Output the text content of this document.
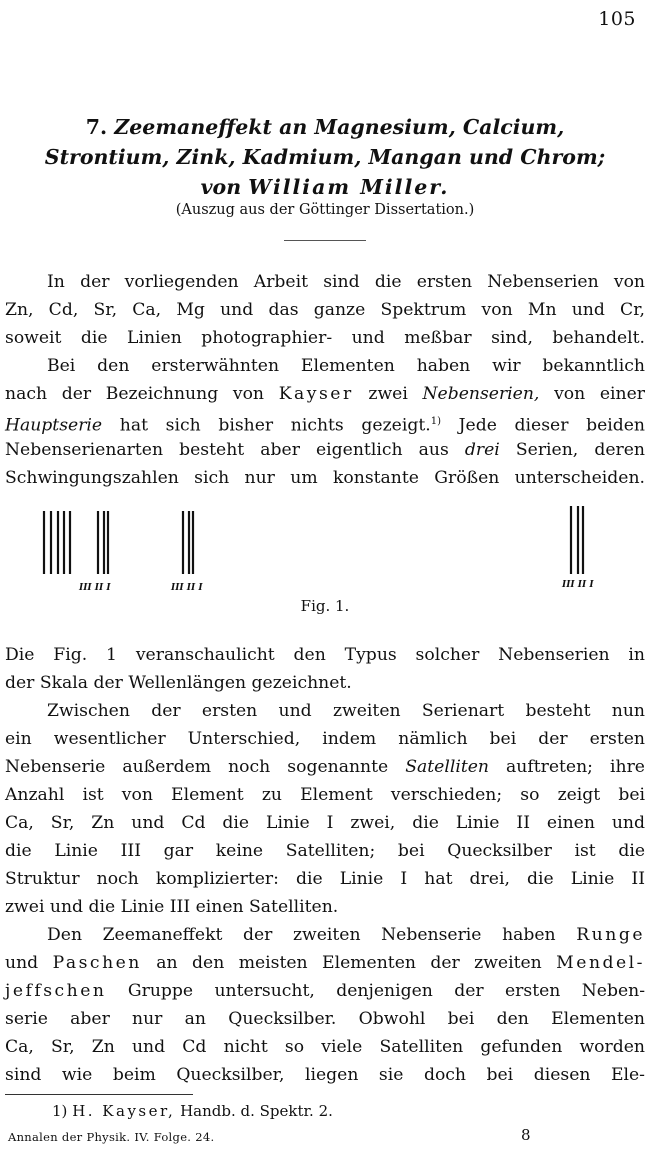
105
7. Zeemaneffekt an Magnesium, Calcium,
Strontium, Zink, Kadmium, Mangan und Chrom;
von William Miller.
(Auszug aus der Göttinger Dissertation.)
In der vorliegenden Arbeit sind die ersten Nebenserien von
Zn, Cd, Sr, Ca, Mg und das ganze Spektrum von Mn und Cr,
soweit die Linien photographier- und meßbar sind, behandelt.
Bei den ersterwähnten Elementen haben wir bekanntlich
nach der Bezeichnung von Kayser zwei Nebenserien, von einer
Hauptserie hat sich bisher nichts gezeigt.$^{1)}$ Jede dieser beiden
Nebenserienarten besteht aber eigentlich aus drei Serien, deren
Schwingungszahlen sich nur um konstante Größen unterscheiden.
III II I	III II I	III II I
Fig. 1.
Die Fig. 1 veranschaulicht den Typus solcher Nebenserien in
der Skala der Wellenlängen gezeichnet.
Zwischen der ersten und zweiten Serienart besteht nun
ein wesentlicher Unterschied, indem nämlich bei der ersten
Nebenserie außerdem noch sogenannte Satelliten auftreten; ihre
Anzahl ist von Element zu Element verschieden; so zeigt bei
Ca, Sr, Zn und Cd die Linie I zwei, die Linie II einen und
die Linie III gar keine Satelliten; bei Quecksilber ist die
Struktur noch komplizierter: die Linie I hat drei, die Linie II
zwei und die Linie III einen Satelliten.
Den Zeemaneffekt der zweiten Nebenserie haben Runge
und Paschen an den meisten Elementen der zweiten Mendel-
jeffschen Gruppe untersucht, denjenigen der ersten Neben-
serie aber nur an Quecksilber. Obwohl bei den Elementen
Ca, Sr, Zn und Cd nicht so viele Satelliten gefunden worden
sind wie beim Quecksilber, liegen sie doch bei diesen Ele-
1) H. Kayser, Handb. d. Spektr. 2.
Annalen der Physik. IV. Folge. 24.	8
